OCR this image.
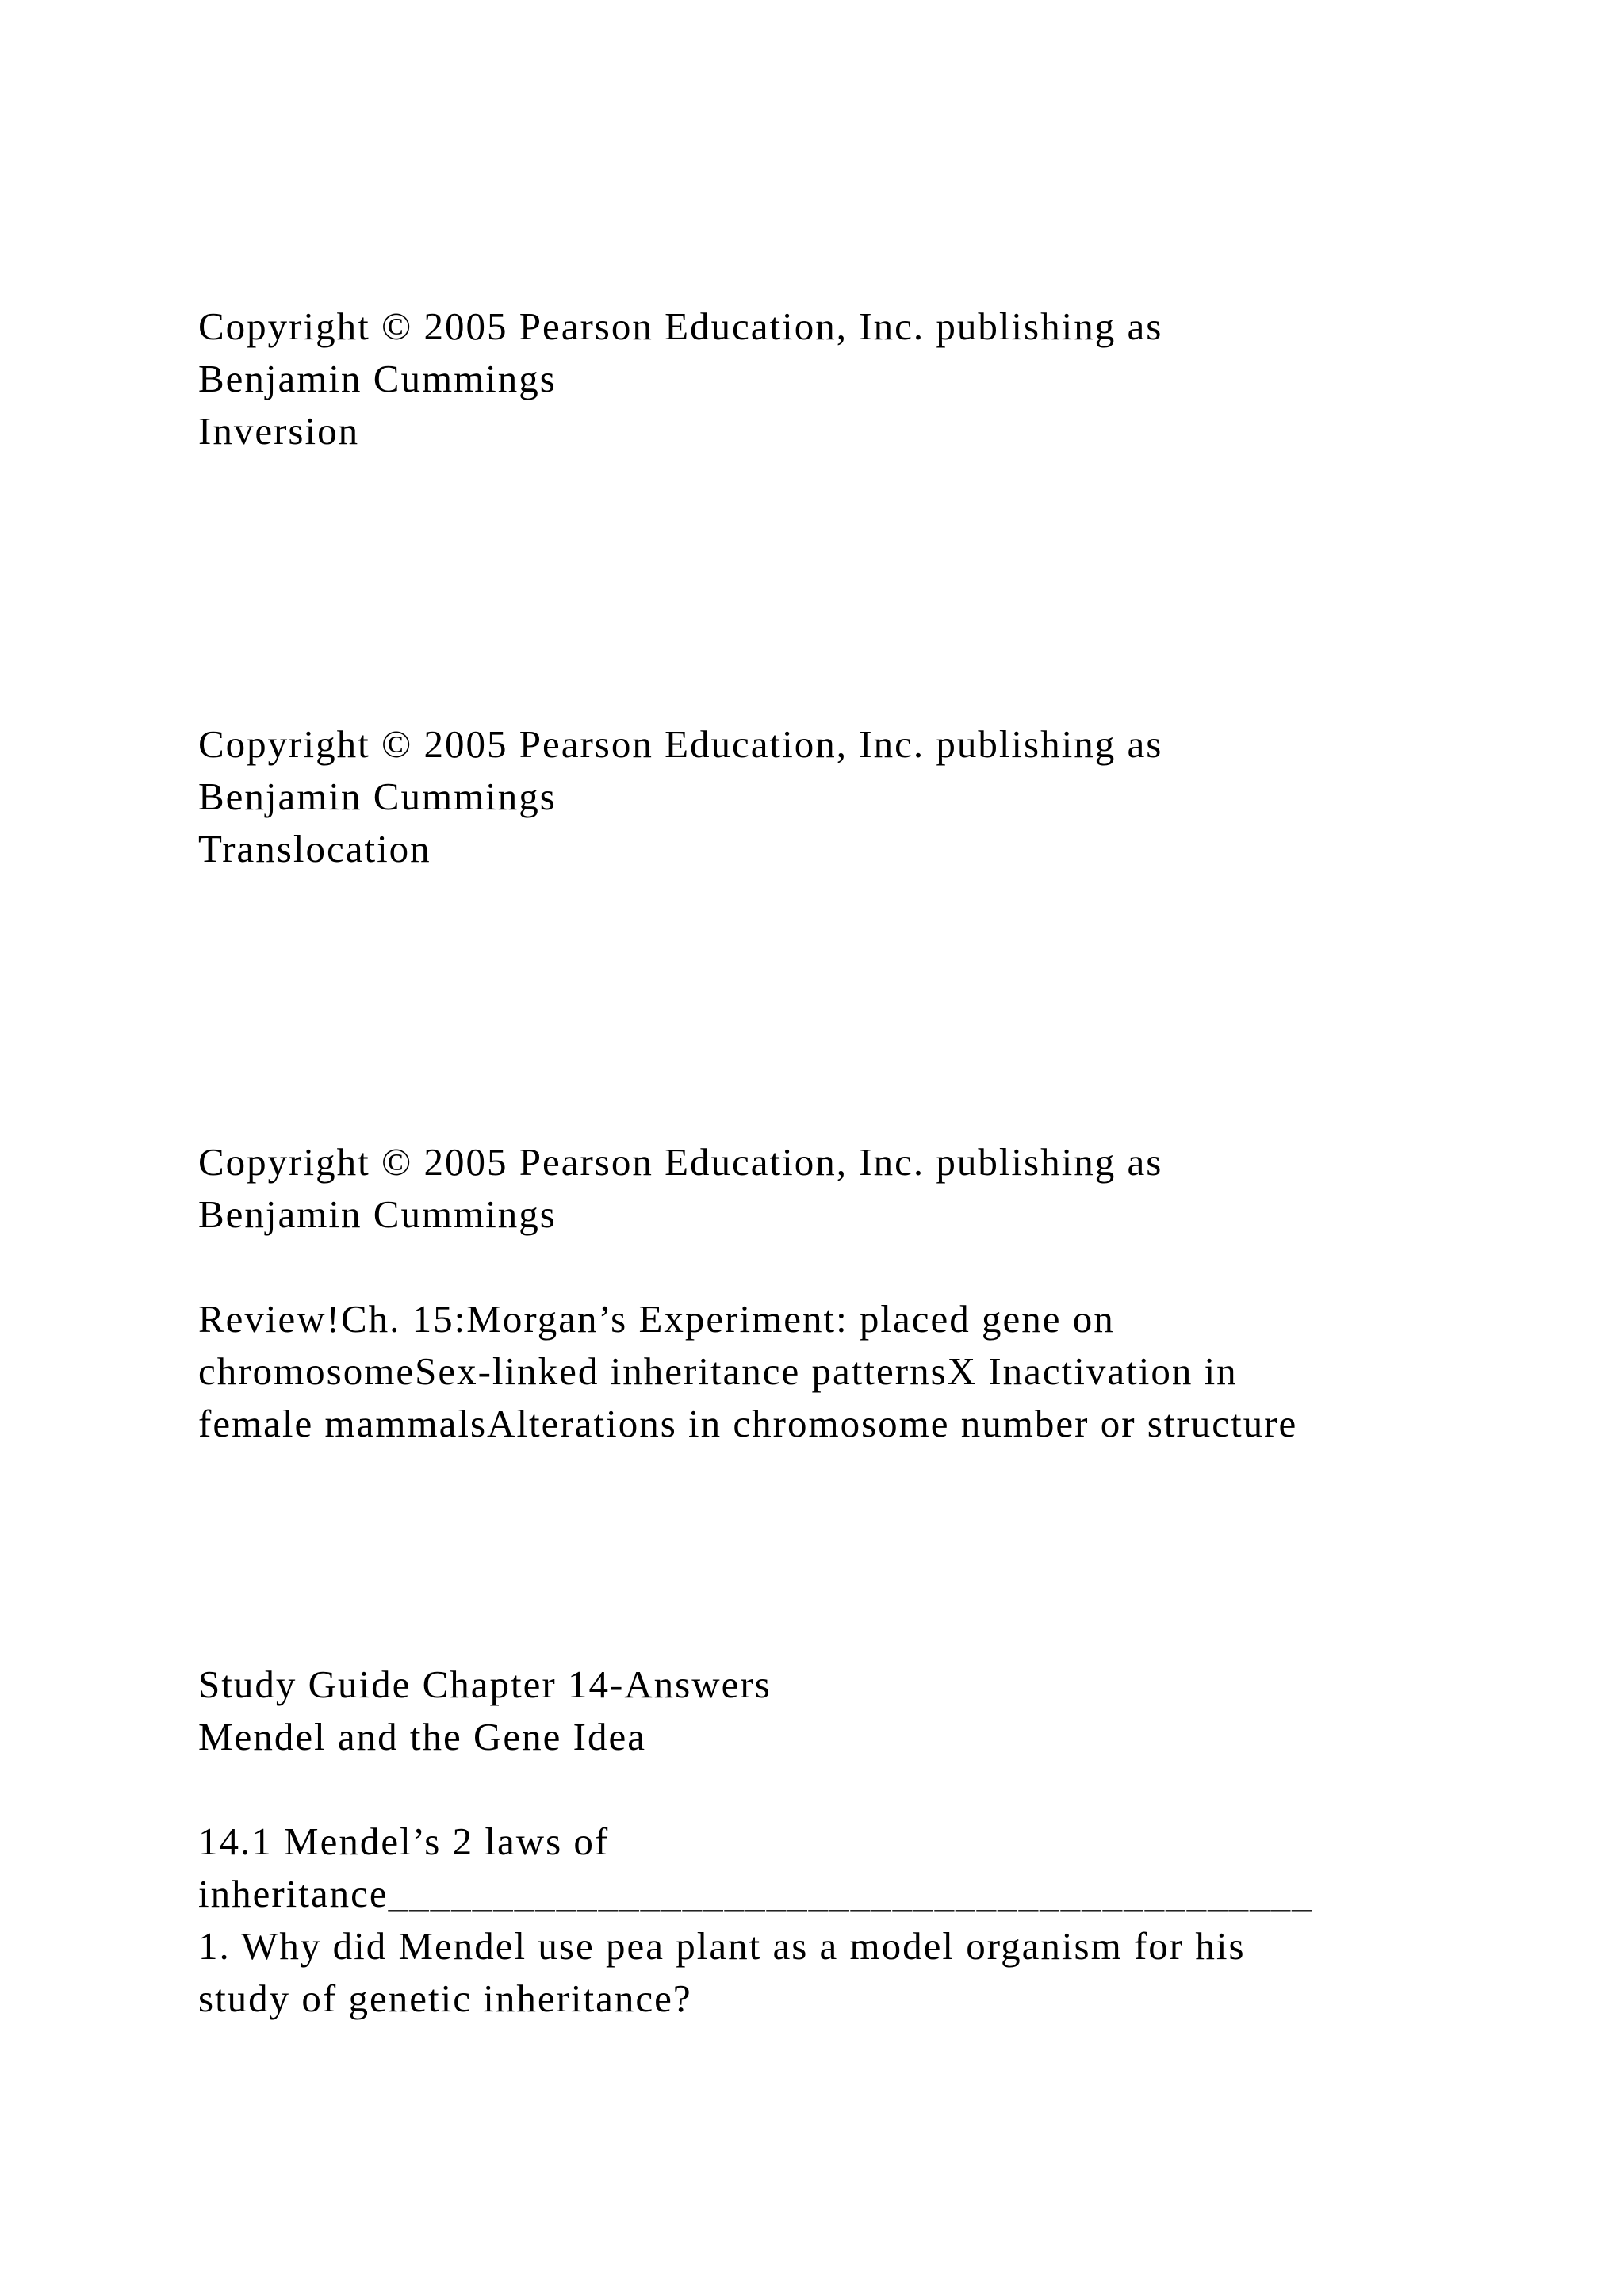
Copyright © 2005 Pearson Education, Inc. publishing as

Benjamin Cummings

Inversion

Copyright © 2005 Pearson Education, Inc. publishing as

Benjamin Cummings

Translocation

Copyright © 2005 Pearson Education, Inc. publishing as

Benjamin Cummings

Review!Ch. 15:Morgan’s Experiment: placed gene on

chromosomeSex-linked inheritance patternsX Inactivation in

female mammalsAlterations in chromosome number or structure

Study Guide Chapter 14-Answers

Mendel and the Gene Idea

14.1 Mendel’s 2 laws of

inheritance____________________________________________

1. Why did Mendel use pea plant as a model organism for his

study of genetic inheritance?
